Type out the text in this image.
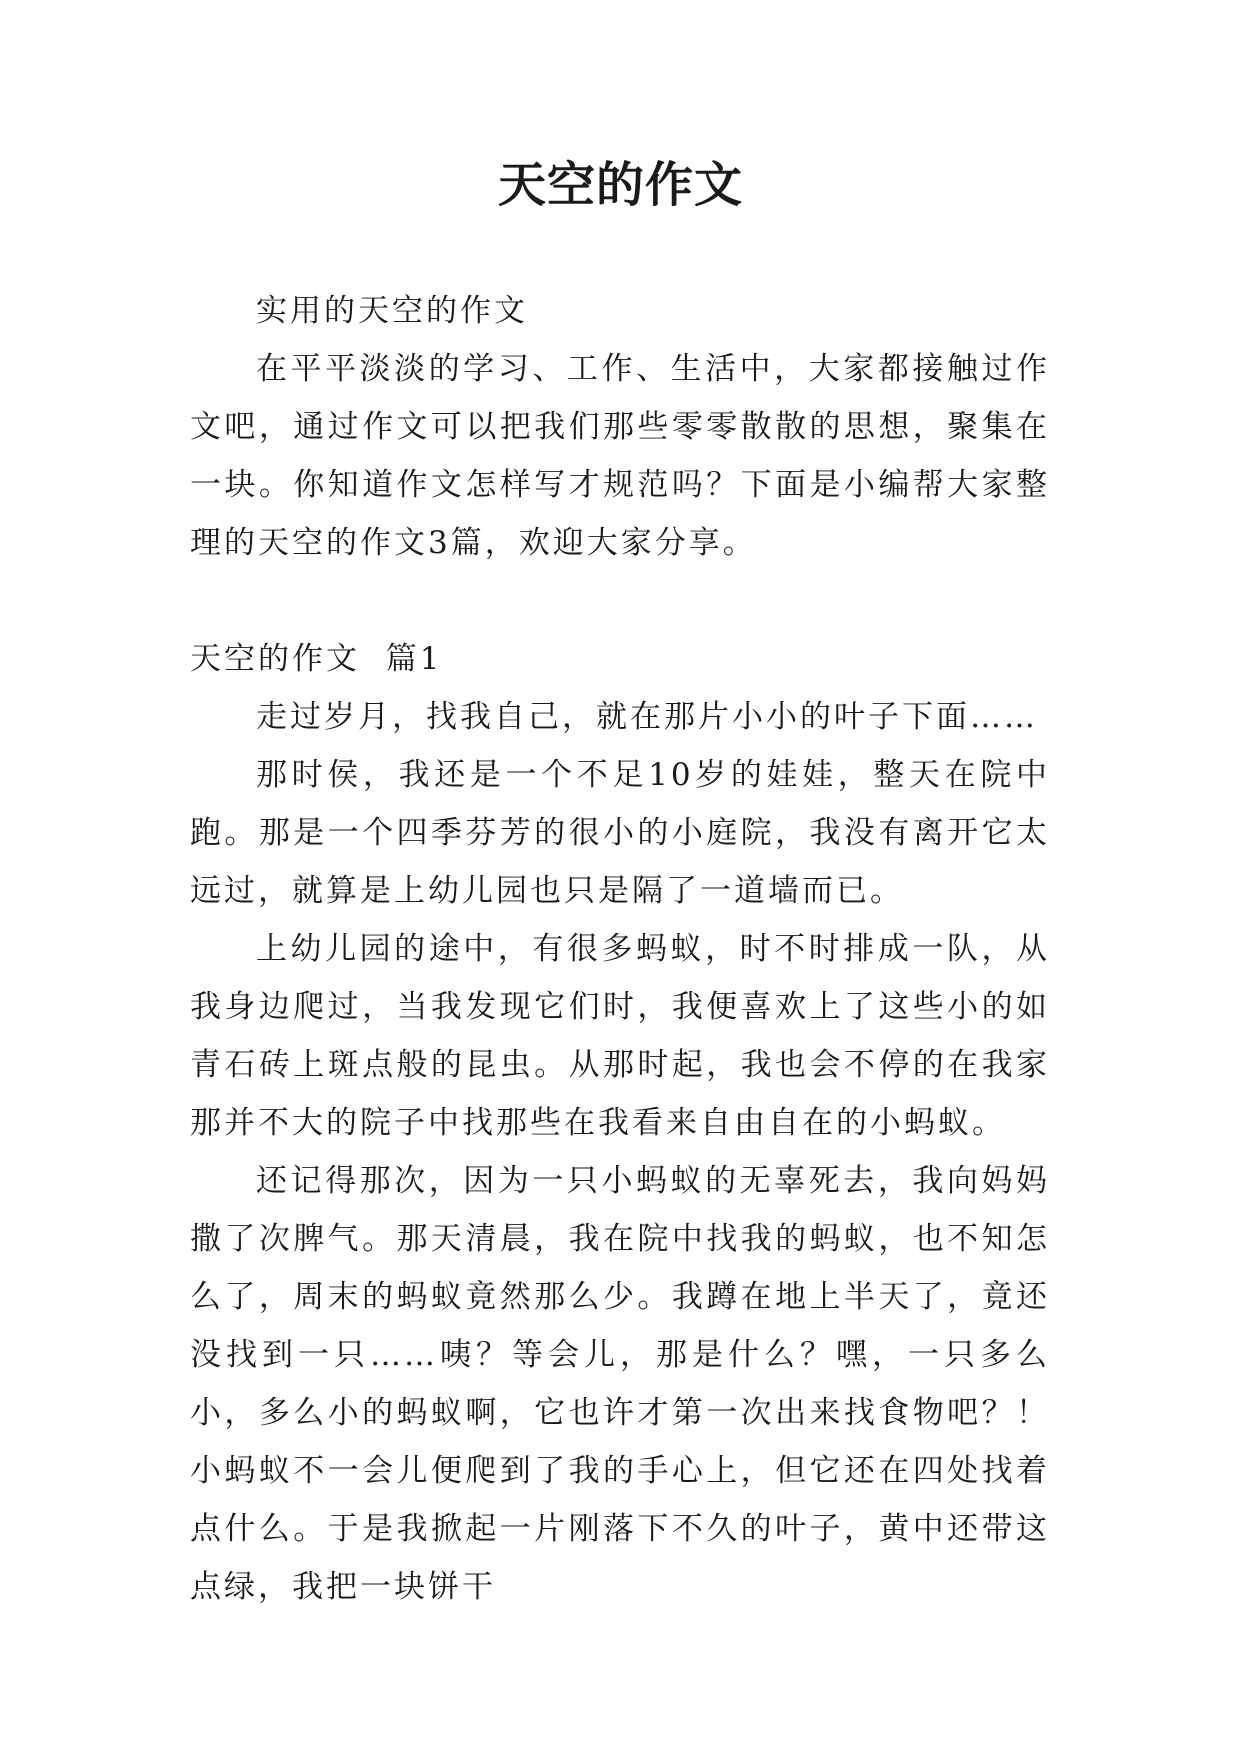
天空的作文

实用的天空的作文

在平平淡淡的学习、工作、生活中，大家都接触过作文吧，通过作文可以把我们那些零零散散的思想，聚集在一块。你知道作文怎样写才规范吗？下面是小编帮大家整理的天空的作文3篇，欢迎大家分享。

天空的作文  篇1

走过岁月，找我自己，就在那片小小的叶子下面……

那时侯，我还是一个不足10岁的娃娃，整天在院中跑。那是一个四季芬芳的很小的小庭院，我没有离开它太远过，就算是上幼儿园也只是隔了一道墙而已。

上幼儿园的途中，有很多蚂蚁，时不时排成一队，从我身边爬过，当我发现它们时，我便喜欢上了这些小的如青石砖上斑点般的昆虫。从那时起，我也会不停的在我家那并不大的院子中找那些在我看来自由自在的小蚂蚁。

还记得那次，因为一只小蚂蚁的无辜死去，我向妈妈撒了次脾气。那天清晨，我在院中找我的蚂蚁，也不知怎么了，周末的蚂蚁竟然那么少。我蹲在地上半天了，竟还没找到一只……咦？等会儿，那是什么？嘿，一只多么小，多么小的蚂蚁啊，它也许才第一次出来找食物吧？！小蚂蚁不一会儿便爬到了我的手心上，但它还在四处找着点什么。于是我掀起一片刚落下不久的叶子，黄中还带这点绿，我把一块饼干
